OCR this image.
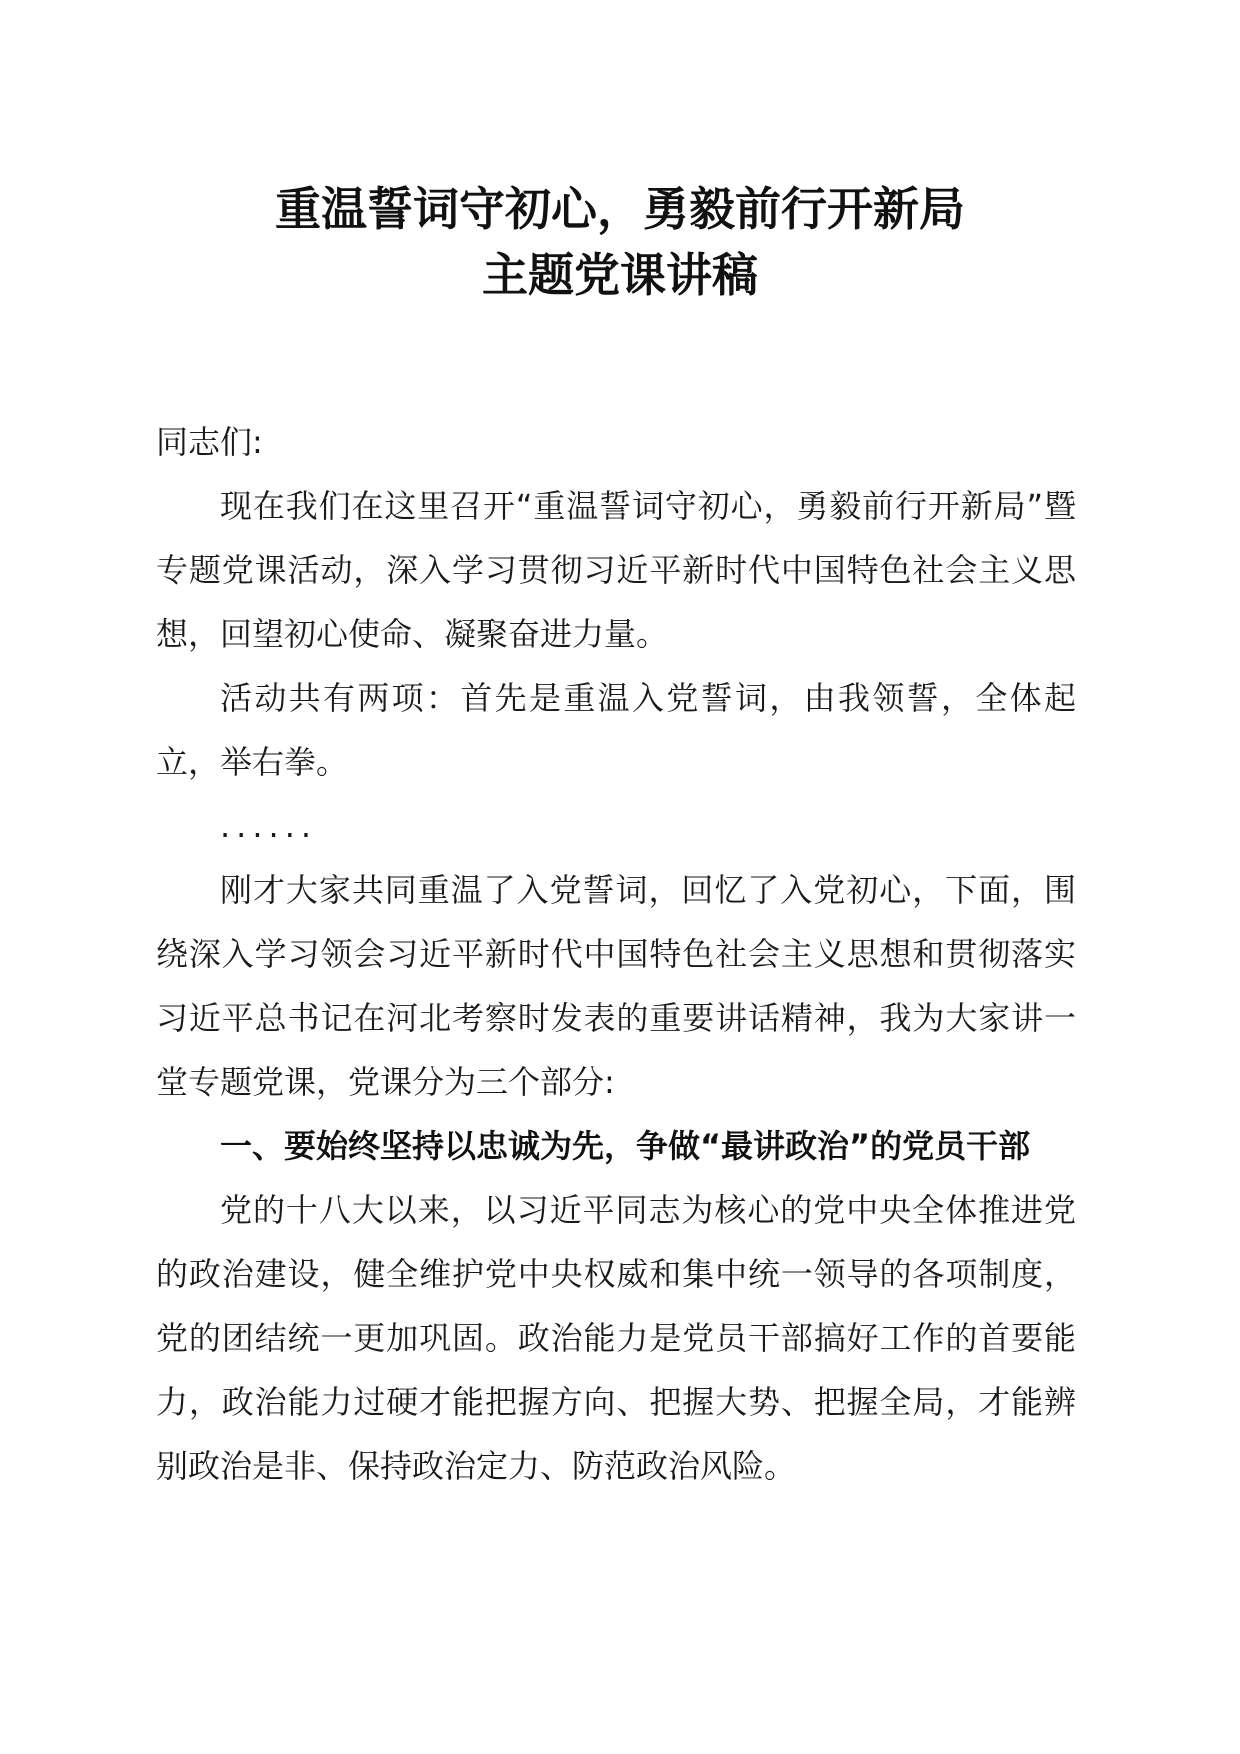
重温誓词守初心，勇毅前行开新局
主题党课讲稿

同志们:

现在我们在这里召开“重温誓词守初心，勇毅前行开新局”暨专题党课活动，深入学习贯彻习近平新时代中国特色社会主义思想，回望初心使命、凝聚奋进力量。

活动共有两项：首先是重温入党誓词，由我领誓，全体起立，举右拳。

......

刚才大家共同重温了入党誓词，回忆了入党初心，下面，围绕深入学习领会习近平新时代中国特色社会主义思想和贯彻落实习近平总书记在河北考察时发表的重要讲话精神，我为大家讲一堂专题党课，党课分为三个部分:

一、要始终坚持以忠诚为先，争做“最讲政治”的党员干部

党的十八大以来，以习近平同志为核心的党中央全体推进党的政治建设，健全维护党中央权威和集中统一领导的各项制度，党的团结统一更加巩固。政治能力是党员干部搞好工作的首要能力，政治能力过硬才能把握方向、把握大势、把握全局，才能辨别政治是非、保持政治定力、防范政治风险。
